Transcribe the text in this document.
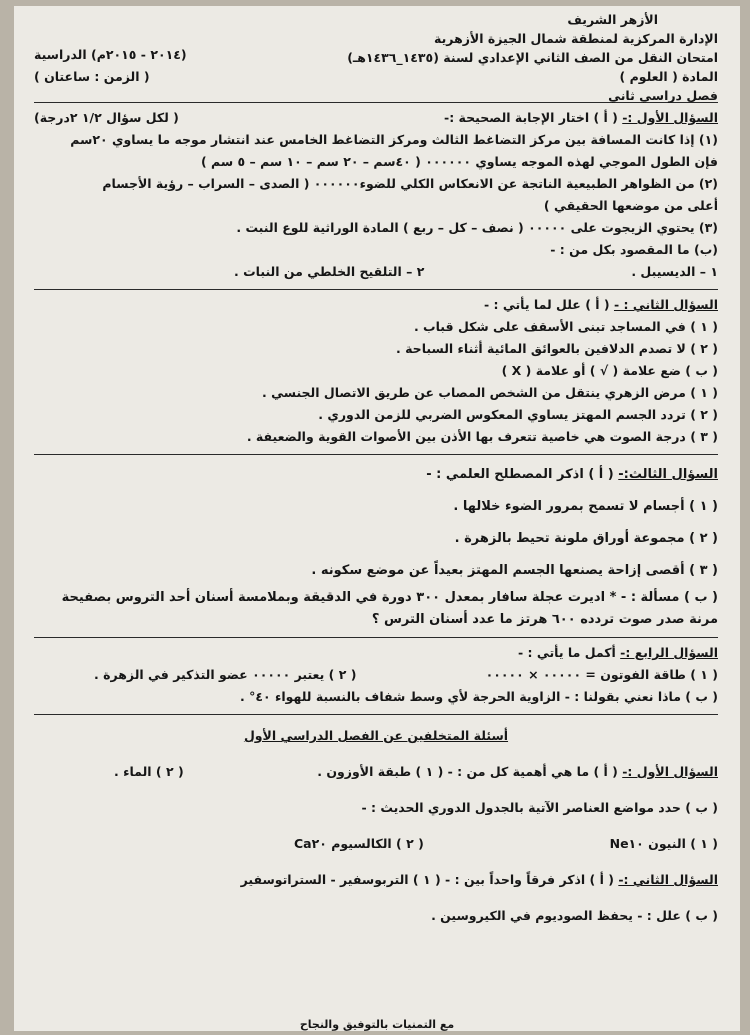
الأزهر الشريف

الإدارة المركزية لمنطقة شمال الجيزة الأزهرية

امتحان النقل من الصف الثاني الإعدادي لسنة (١٤٣٥_١٤٣٦هـ)

المادة ( العلوم )

فصل دراسي ثاني

(٢٠١٤ - ٢٠١٥م) الدراسية

( الزمن : ساعتان )

السؤال الأول :- ( أ ) اختار الإجابة الصحيحة :-

( لكل سؤال ١/٢ ٢درجة)

(١) إذا كانت المسافة بين مركز التضاغط الثالث ومركز التضاغط الخامس عند انتشار موجه ما يساوي ٢٠سم

فإن الطول الموجي لهذه الموجه يساوي ٠٠٠٠٠٠ ( ٤٠سم – ٢٠ سم – ١٠ سم – ٥ سم )

(٢) من الظواهر الطبيعية الناتجة عن الانعكاس الكلي للضوء٠٠٠٠٠٠ ( الصدى – السراب – رؤية الأجسام

أعلى من موضعها الحقيقي )

(٣) يحتوي الزيجوت على ٠٠٠٠٠ ( نصف – كل – ربع ) المادة الوراثية للوع النبت .

(ب) ما المقصود بكل من : -

١ – الديسيبل .

٢ – التلقيح الخلطي من النبات .

السؤال الثاني : - ( أ ) علل لما يأتي : -

( ١ ) في المساجد تبنى الأسقف على شكل قباب .

( ٢ ) لا تصدم الدلافين بالعوائق المائية أثناء السباحة .

( ب ) ضع علامة ( √ ) أو علامة ( X )

( ١ ) مرض الزهري ينتقل من الشخص المصاب عن طريق الاتصال الجنسي .

( ٢ ) تردد الجسم المهتز يساوي المعكوس الضربي للزمن الدوري .

( ٣ ) درجة الصوت هي خاصية تتعرف بها الأذن بين الأصوات القوية والضعيفة .

السؤال الثالث:- ( أ ) اذكر المصطلح العلمي : -

( ١ ) أجسام لا تسمح بمرور الضوء خلالها .

( ٢ ) مجموعة أوراق ملونة تحيط بالزهرة .

( ٣ ) أقصى إزاحة يصنعها الجسم المهتز بعيداً عن موضع سكونه .

( ب ) مسألة : - * اديرت عجلة سافار بمعدل ٣٠٠ دورة في الدقيقة وبملامسة أسنان أحد التروس بصفيحة

مرنة صدر صوت تردده ٦٠٠ هرتز ما عدد أسنان الترس ؟

السؤال الرابع :- أكمل ما يأتي : -

( ١ ) طاقة الفوتون = ٠٠٠٠٠ × ٠٠٠٠٠

( ٢ ) يعتبر ٠٠٠٠٠ عضو التذكير في الزهرة .

( ب ) ماذا نعني بقولنا : - الزاوية الحرجة لأي وسط شفاف بالنسبة للهواء ٤٠° .

أسئلة المتخلفين عن الفصل الدراسي الأول

السؤال الأول :- ( أ ) ما هي أهمية كل من : - ( ١ ) طبقة الأوزون .

( ٢ ) الماء .

( ب ) حدد مواضع العناصر الآتية بالجدول الدوري الحديث : -

( ١ ) النيون Ne١٠

( ٢ ) الكالسيوم Ca٢٠

السؤال الثاني :- ( أ ) اذكر فرقاً واحداً بين : - ( ١ ) التربوسفير - الستراتوسفير

( ب ) علل : - يحفظ الصوديوم في الكيروسين .

مع التمنيات بالتوفيق والنجاح
